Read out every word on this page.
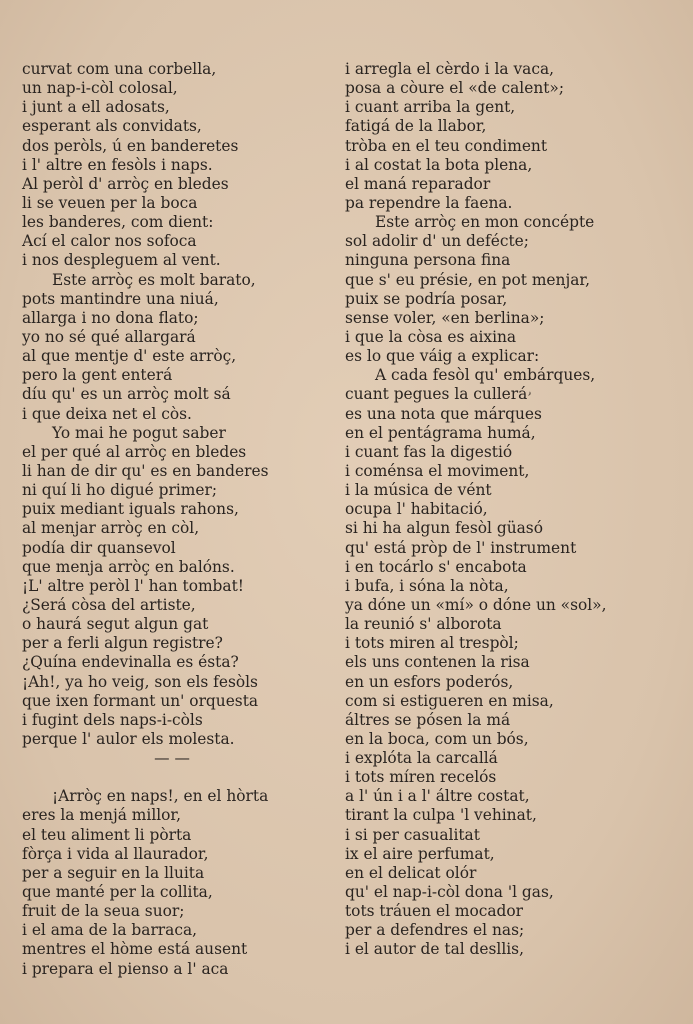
curvat com una corbella,
un nap-i-còl colosal,
i junt a ell adosats,
esperant als convidats,
dos peròls, ú en banderetes
i l' altre en fesòls i naps.
Al peròl d' arròç en bledes
li se veuen per la boca
les banderes, com dient:
Ací el calor nos sofoca
i nos despleguem al vent.
Este arròç es molt barato,
pots mantindre una niuá,
allarga i no dona flato;
yo no sé qué allargará
al que mentje d' este arròç,
pero la gent enterá
díu qu' es un arròç molt sá
i que deixa net el còs.
Yo mai he pogut saber
el per qué al arròç en bledes
li han de dir qu' es en banderes
ni quí li ho digué primer;
puix mediant iguals rahons,
al menjar arròç en còl,
podía dir quansevol
que menja arròç en balóns.
¡L' altre peròl l' han tombat!
¿Será còsa del artiste,
o haurá segut algun gat
per a ferli algun registre?
¿Quína endevinalla es ésta?
¡Ah!, ya ho veig, son els fesòls
que ixen formant un' orquesta
i fugint dels naps-i-còls
perque l' aulor els molesta.
— —
¡Arròç en naps!, en el hòrta
eres la menjá millor,
el teu aliment li pòrta
fòrça i vida al llaurador,
per a seguir en la lluita
que manté per la collita,
fruit de la seua suor;
i el ama de la barraca,
mentres el hòme está ausent
i prepara el pienso a l' aca
i arregla el cèrdo i la vaca,
posa a còure el «de calent»;
i cuant arriba la gent,
fatigá de la llabor,
tròba en el teu condiment
i al costat la bota plena,
el maná reparador
pa rependre la faena.
Este arròç en mon concépte
sol adolir d' un defécte;
ninguna persona fina
que s' eu présie, en pot menjar,
puix se podría posar,
sense voler, «en berlina»;
i que la còsa es aixina
es lo que váig a explicar:
A cada fesòl qu' embárques,
cuant pegues la culleráۥ
es una nota que márques
en el pentágrama humá,
i cuant fas la digestió
i coménsa el moviment,
i la música de vént
ocupa l' habitació,
si hi ha algun fesòl güasó
qu' está pròp de l' instrument
i en tocárlo s' encabota
i bufa, i sóna la nòta,
ya dóne un «mí» o dóne un «sol»,
la reunió s' alborota
i tots miren al trespòl;
els uns contenen la risa
en un esfors poderós,
com si estigueren en misa,
áltres se pósen la má
en la boca, com un bós,
i explóta la carcallá
i tots míren recelós
a l' ún i a l' áltre costat,
tirant la culpa 'l vehinat,
i si per casualitat
ix el aire perfumat,
en el delicat olór
qu' el nap-i-còl dona 'l gas,
tots tráuen el mocador
per a defendres el nas;
i el autor de tal desllis,
